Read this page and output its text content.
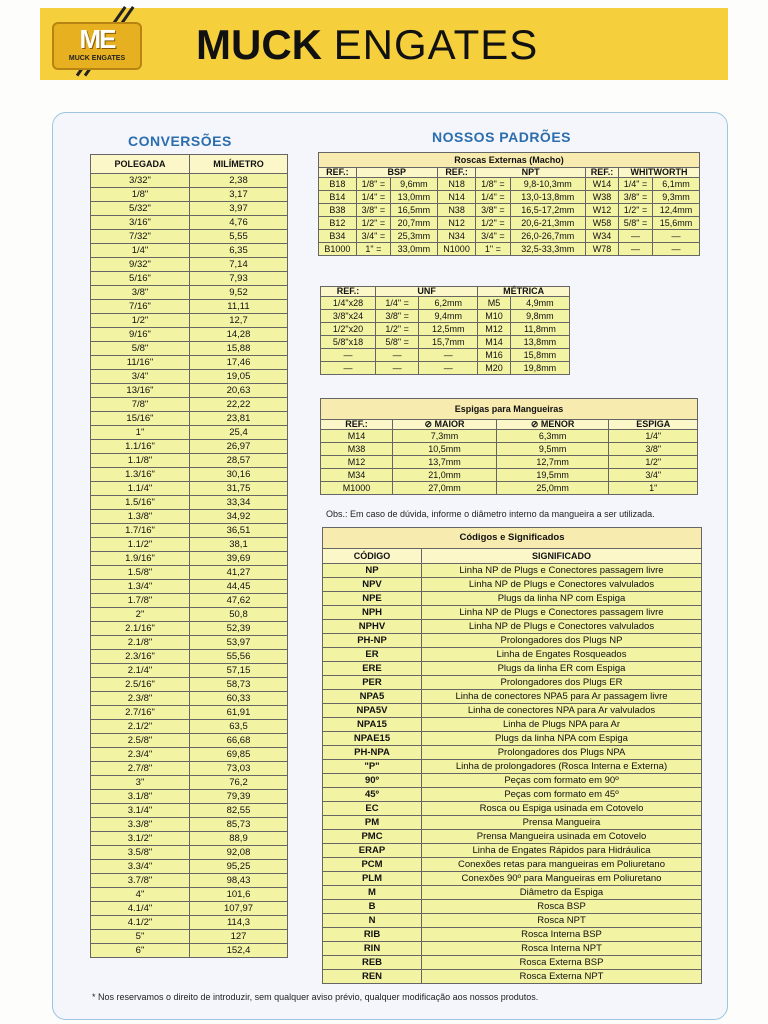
ME
MUCK ENGATES	MUCK ENGATES
CONVERSÕES	NOSSOS PADRÕES
POLEGADA	MILÍMETRO
3/32"	2,38
1/8"	3,17
5/32"	3,97
3/16"	4,76
7/32"	5,55
1/4"	6,35
9/32"	7,14
5/16"	7,93
3/8"	9,52
7/16"	11,11
1/2"	12,7
9/16"	14,28
5/8"	15,88
11/16"	17,46
3/4"	19,05
13/16"	20,63
7/8"	22,22
15/16"	23,81
1"	25,4
1.1/16"	26,97
1.1/8"	28,57
1.3/16"	30,16
1.1/4"	31,75
1.5/16"	33,34
1.3/8"	34,92
1.7/16"	36,51
1.1/2"	38,1
1.9/16"	39,69
1.5/8"	41,27
1.3/4"	44,45
1.7/8"	47,62
2"	50,8
2.1/16"	52,39
2.1/8"	53,97
2.3/16"	55,56
2.1/4"	57,15
2.5/16"	58,73
2.3/8"	60,33
2.7/16"	61,91
2.1/2"	63,5
2.5/8"	66,68
2.3/4"	69,85
2.7/8"	73,03
3"	76,2
3.1/8"	79,39
3.1/4"	82,55
3.3/8"	85,73
3.1/2"	88,9
3.5/8"	92,08
3.3/4"	95,25
3.7/8"	98,43
4"	101,6
4.1/4"	107,97
4.1/2"	114,3
5"	127
6"	152,4
Roscas Externas (Macho)								
REF.:	BSP		REF.:	NPT		REF.:	WHITWORTH	
B18	1/8" =	9,6mm	N18	1/8" =	9,8-10,3mm	W14	1/4" =	6,1mm
B14	1/4" =	13,0mm	N14	1/4" =	13,0-13,8mm	W38	3/8" =	9,3mm
B38	3/8" =	16,5mm	N38	3/8" =	16,5-17,2mm	W12	1/2" =	12,4mm
B12	1/2" =	20,7mm	N12	1/2" =	20,6-21,3mm	W58	5/8" =	15,6mm
B34	3/4" =	25,3mm	N34	3/4" =	26,0-26,7mm	W34	—	—
B1000	1" =	33,0mm	N1000	1" =	32,5-33,3mm	W78	—	—
REF.:	UNF		MÉTRICA	
1/4"x28	1/4" =	6,2mm	M5	4,9mm
3/8"x24	3/8" =	9,4mm	M10	9,8mm
1/2"x20	1/2" =	12,5mm	M12	11,8mm
5/8"x18	5/8" =	15,7mm	M14	13,8mm
—	—	—	M16	15,8mm
—	—	—	M20	19,8mm
Espigas para Mangueiras			
REF.:	⊘ MAIOR	⊘ MENOR	ESPIGA
M14	7,3mm	6,3mm	1/4"
M38	10,5mm	9,5mm	3/8"
M12	13,7mm	12,7mm	1/2"
M34	21,0mm	19,5mm	3/4"
M1000	27,0mm	25,0mm	1"
Obs.: Em caso de dúvida, informe o diâmetro interno da mangueira a ser utilizada.
Códigos e Significados	
CÓDIGO	SIGNIFICADO
NP	Linha NP de Plugs e Conectores passagem livre
NPV	Linha NP de Plugs e Conectores valvulados
NPE	Plugs da linha NP com Espiga
NPH	Linha NP de Plugs e Conectores passagem livre
NPHV	Linha NP de Plugs e Conectores valvulados
PH-NP	Prolongadores dos Plugs NP
ER	Linha de Engates Rosqueados
ERE	Plugs da linha ER com Espiga
PER	Prolongadores dos Plugs ER
NPA5	Linha de conectores NPA5 para Ar passagem livre
NPA5V	Linha de conectores NPA para Ar valvulados
NPA15	Linha de Plugs NPA para Ar
NPAE15	Plugs da linha NPA com Espiga
PH-NPA	Prolongadores dos Plugs NPA
"P"	Linha de prolongadores (Rosca Interna e Externa)
90º	Peças com formato em 90º
45º	Peças com formato em 45º
EC	Rosca ou Espiga usinada em Cotovelo
PM	Prensa Mangueira
PMC	Prensa Mangueira usinada em Cotovelo
ERAP	Linha de Engates Rápidos para Hidráulica
PCM	Conexões retas para mangueiras em Poliuretano
PLM	Conexões 90º para Mangueiras em Poliuretano
M	Diâmetro da Espiga
B	Rosca BSP
N	Rosca NPT
RIB	Rosca Interna BSP
RIN	Rosca Interna NPT
REB	Rosca Externa BSP
REN	Rosca Externa NPT
* Nos reservamos o direito de introduzir, sem qualquer aviso prévio, qualquer modificação aos nossos produtos.
